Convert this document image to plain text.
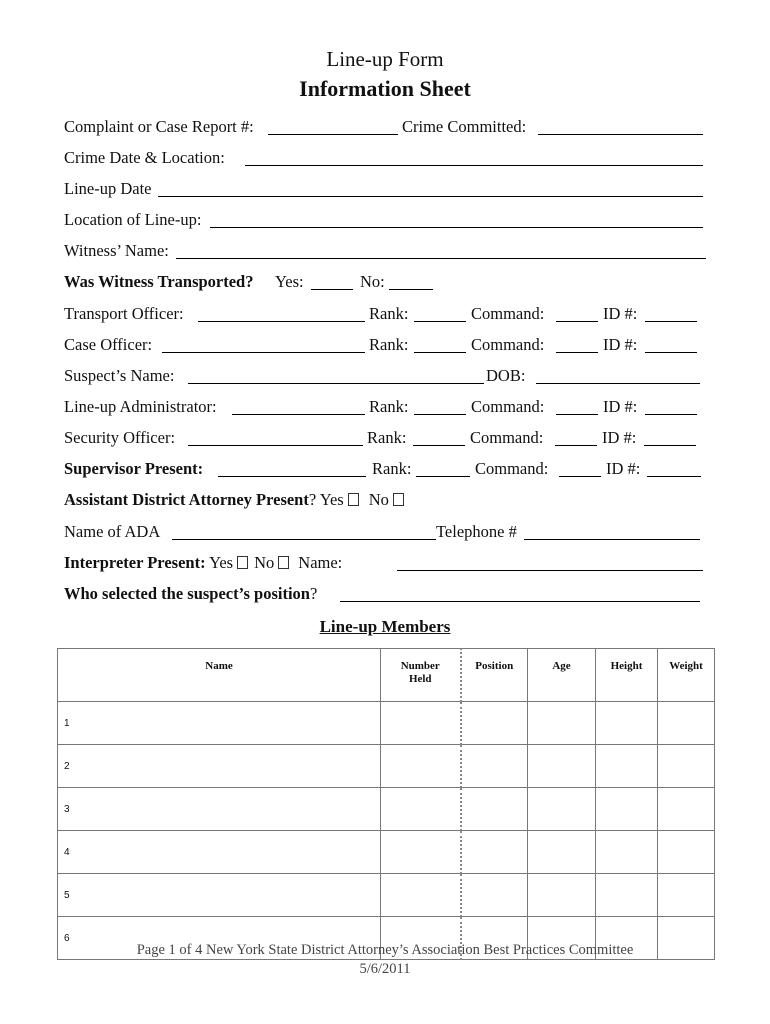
Line-up Form
Information Sheet
Complaint or Case Report #:	Crime Committed:
Crime Date & Location:
Line-up Date
Location of Line-up:
Witness’ Name:
Was Witness Transported? Yes:	No:
Transport Officer:	Rank:	Command:	ID #:
Case Officer:	Rank:	Command:	ID #:
Suspect’s Name:	DOB:
Line-up Administrator:	Rank:	Command:	ID #:
Security Officer:	Rank:	Command:	ID #:
Supervisor Present:	Rank:	Command:	ID #:
Assistant District Attorney Present? Yes No
Name of ADA	Telephone #
Interpreter Present: Yes No Name:
Who selected the suspect’s position?
Line-up Members
Name	Number Held	Position	Age	Height	Weight
1					
2					
3					
4					
5					
6					
Page 1 of 4 New York State District Attorney’s Association Best Practices Committee
5/6/2011
